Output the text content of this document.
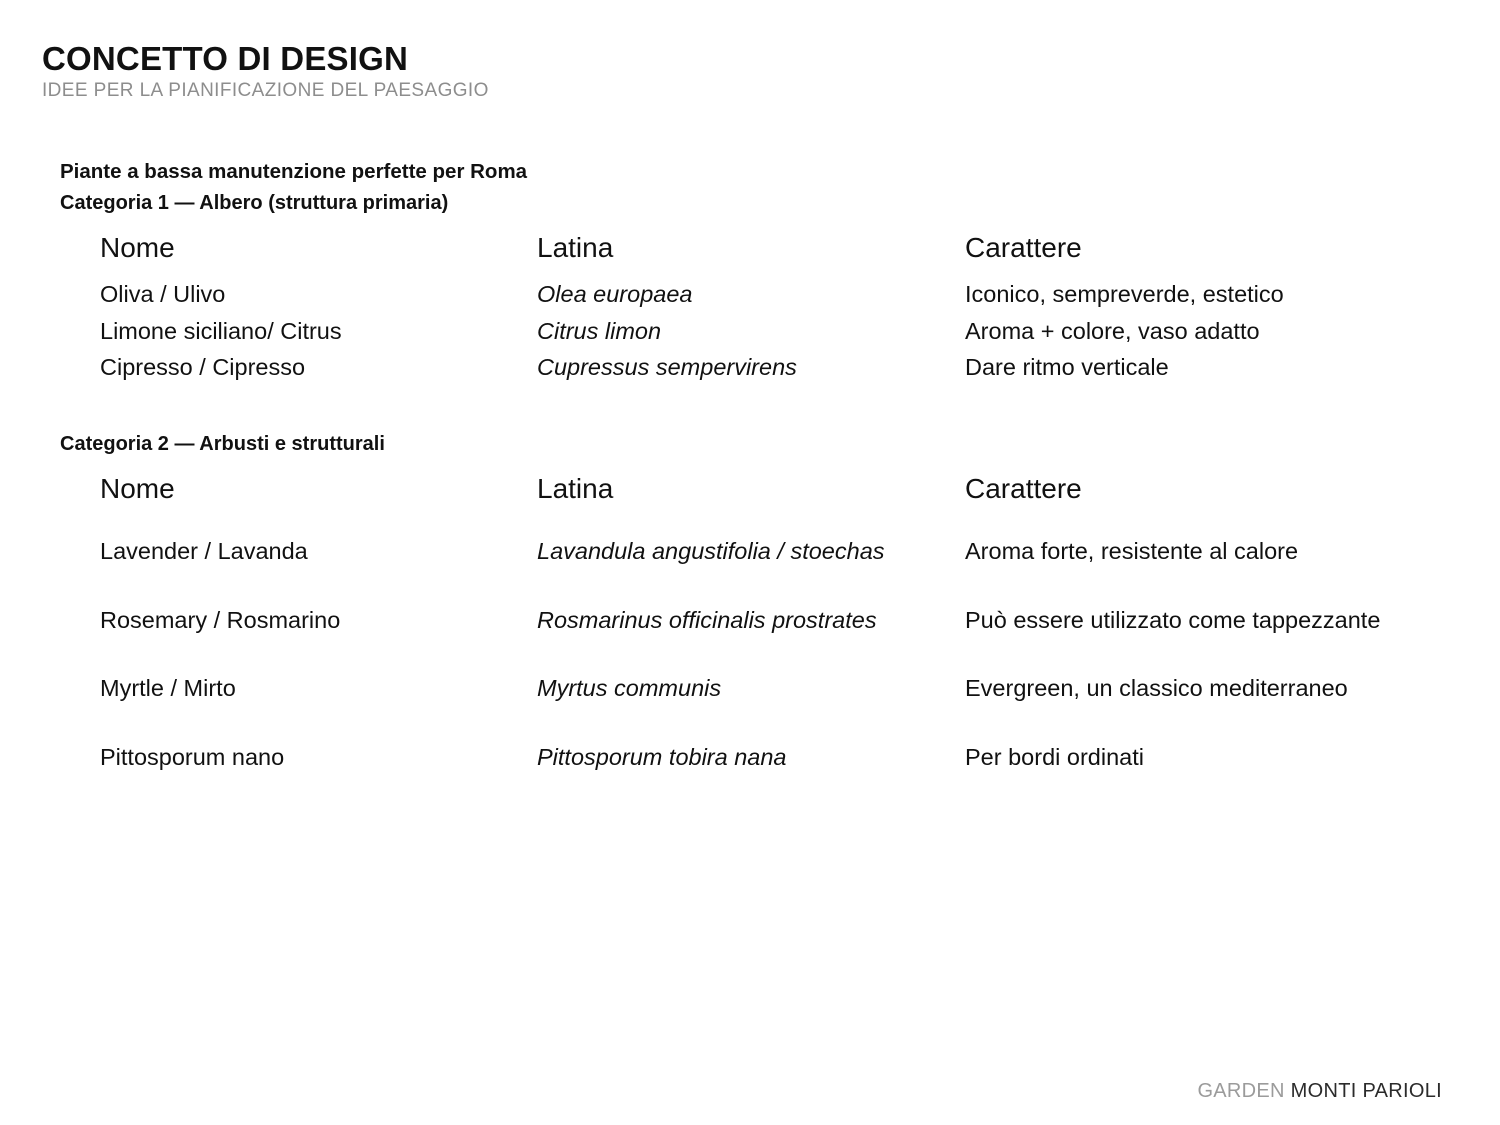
CONCETTO DI DESIGN

IDEE PER LA PIANIFICAZIONE DEL PAESAGGIO

Piante a bassa manutenzione perfette per Roma

Categoria 1 — Albero (struttura primaria)

Nome	Latina	Carattere
Oliva / Ulivo	Olea europaea	Iconico, sempreverde, estetico
Limone siciliano/ Citrus	Citrus limon	Aroma + colore, vaso adatto
Cipresso / Cipresso	Cupressus sempervirens	Dare ritmo verticale

Categoria 2 — Arbusti e strutturali

Nome	Latina	Carattere
Lavender / Lavanda	Lavandula angustifolia / stoechas	Aroma forte, resistente al calore
Rosemary / Rosmarino	Rosmarinus officinalis prostrates	Può essere utilizzato come tappezzante
Myrtle / Mirto	Myrtus communis	Evergreen, un classico mediterraneo
Pittosporum nano	Pittosporum tobira nana	Per bordi ordinati
GARDEN MONTI PARIOLI
